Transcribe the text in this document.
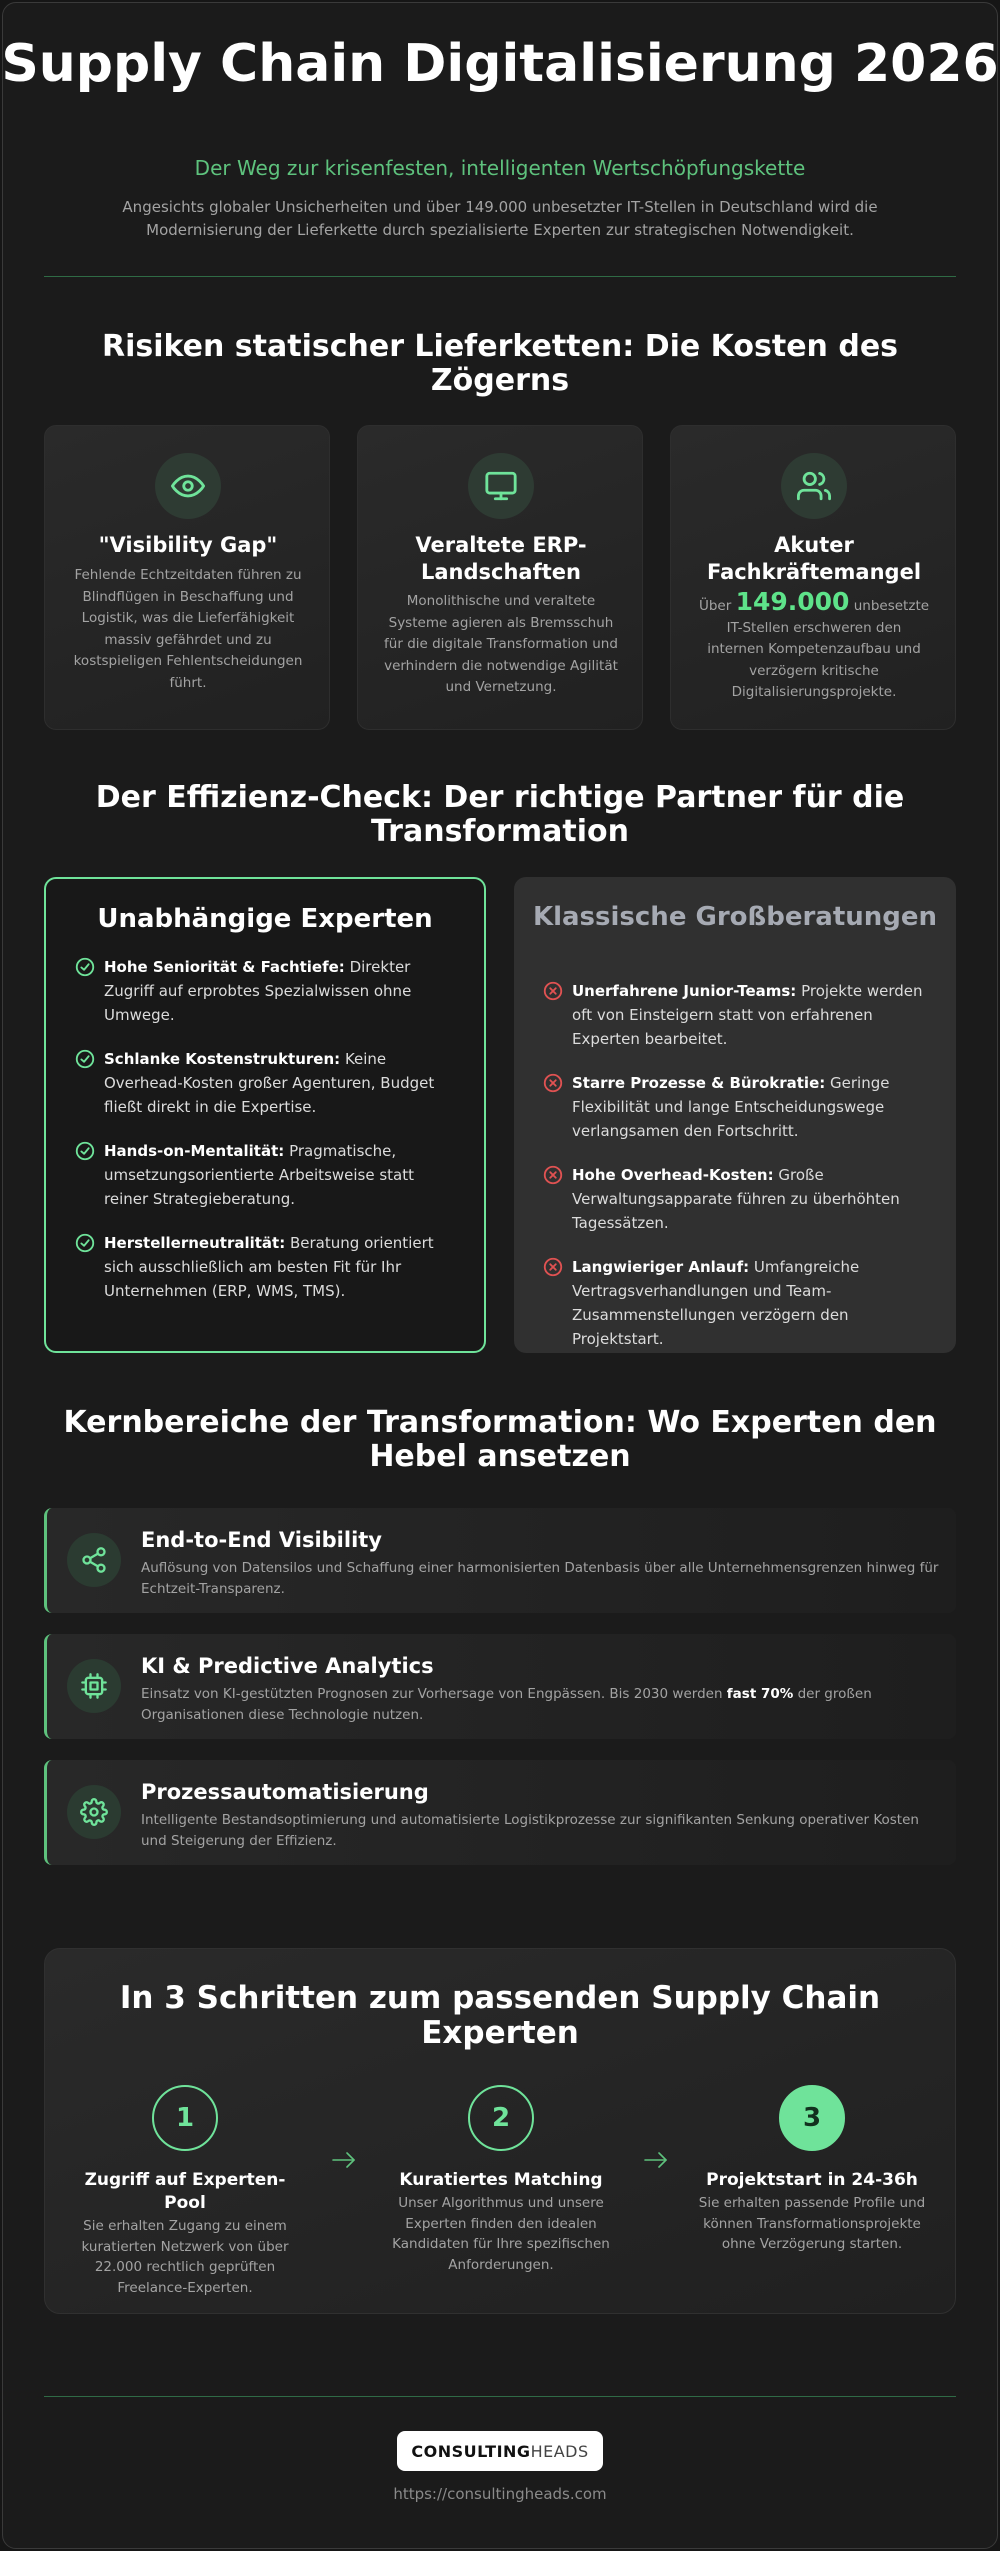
Supply Chain Digitalisierung 2026
Der Weg zur krisenfesten, intelligenten Wertschöpfungskette

Angesichts globaler Unsicherheiten und über 149.000 unbesetzter IT-Stellen in Deutschland wird die Modernisierung der Lieferkette durch spezialisierte Experten zur strategischen Notwendigkeit.

Risiken statischer Lieferketten: Die Kosten des Zögerns
"Visibility Gap"
Fehlende Echtzeitdaten führen zu Blindflügen in Beschaffung und Logistik, was die Lieferfähigkeit massiv gefährdet und zu kostspieligen Fehlentscheidungen führt.
Veraltete ERP-Landschaften
Monolithische und veraltete Systeme agieren als Bremsschuh für die digitale Transformation und verhindern die notwendige Agilität und Vernetzung.
Akuter Fachkräftemangel
Über 149.000 unbesetzte IT-Stellen erschweren den internen Kompetenzaufbau und verzögern kritische Digitalisierungsprojekte.
Der Effizienz-Check: Der richtige Partner für die Transformation
Unabhängige Experten
Hohe Seniorität & Fachtiefe: Direkter Zugriff auf erprobtes Spezialwissen ohne Umwege.
Schlanke Kostenstrukturen: Keine Overhead-Kosten großer Agenturen, Budget fließt direkt in die Expertise.
Hands-on-Mentalität: Pragmatische, umsetzungsorientierte Arbeitsweise statt reiner Strategieberatung.
Herstellerneutralität: Beratung orientiert sich ausschließlich am besten Fit für Ihr Unternehmen (ERP, WMS, TMS).
Klassische Großberatungen
Unerfahrene Junior-Teams: Projekte werden oft von Einsteigern statt von erfahrenen Experten bearbeitet.
Starre Prozesse & Bürokratie: Geringe Flexibilität und lange Entscheidungswege verlangsamen den Fortschritt.
Hohe Overhead-Kosten: Große Verwaltungsapparate führen zu überhöhten Tagessätzen.
Langwieriger Anlauf: Umfangreiche Vertragsverhandlungen und Team-Zusammenstellungen verzögern den Projektstart.
Kernbereiche der Transformation: Wo Experten den Hebel ansetzen
End-to-End Visibility
Auflösung von Datensilos und Schaffung einer harmonisierten Datenbasis über alle Unternehmensgrenzen hinweg für Echtzeit-Transparenz.
KI & Predictive Analytics
Einsatz von KI-gestützten Prognosen zur Vorhersage von Engpässen. Bis 2030 werden fast 70% der großen Organisationen diese Technologie nutzen.
Prozessautomatisierung
Intelligente Bestandsoptimierung und automatisierte Logistikprozesse zur signifikanten Senkung operativer Kosten und Steigerung der Effizienz.
In 3 Schritten zum passenden Supply Chain Experten
1
Zugriff auf Experten-Pool
Sie erhalten Zugang zu einem kuratierten Netzwerk von über 22.000 rechtlich geprüften Freelance-Experten.
2
Kuratiertes Matching
Unser Algorithmus und unsere Experten finden den idealen Kandidaten für Ihre spezifischen Anforderungen.
3
Projektstart in 24-36h
Sie erhalten passende Profile und können Transformationsprojekte ohne Verzögerung starten.
CONSULTING HEADS
https://consultingheads.com
